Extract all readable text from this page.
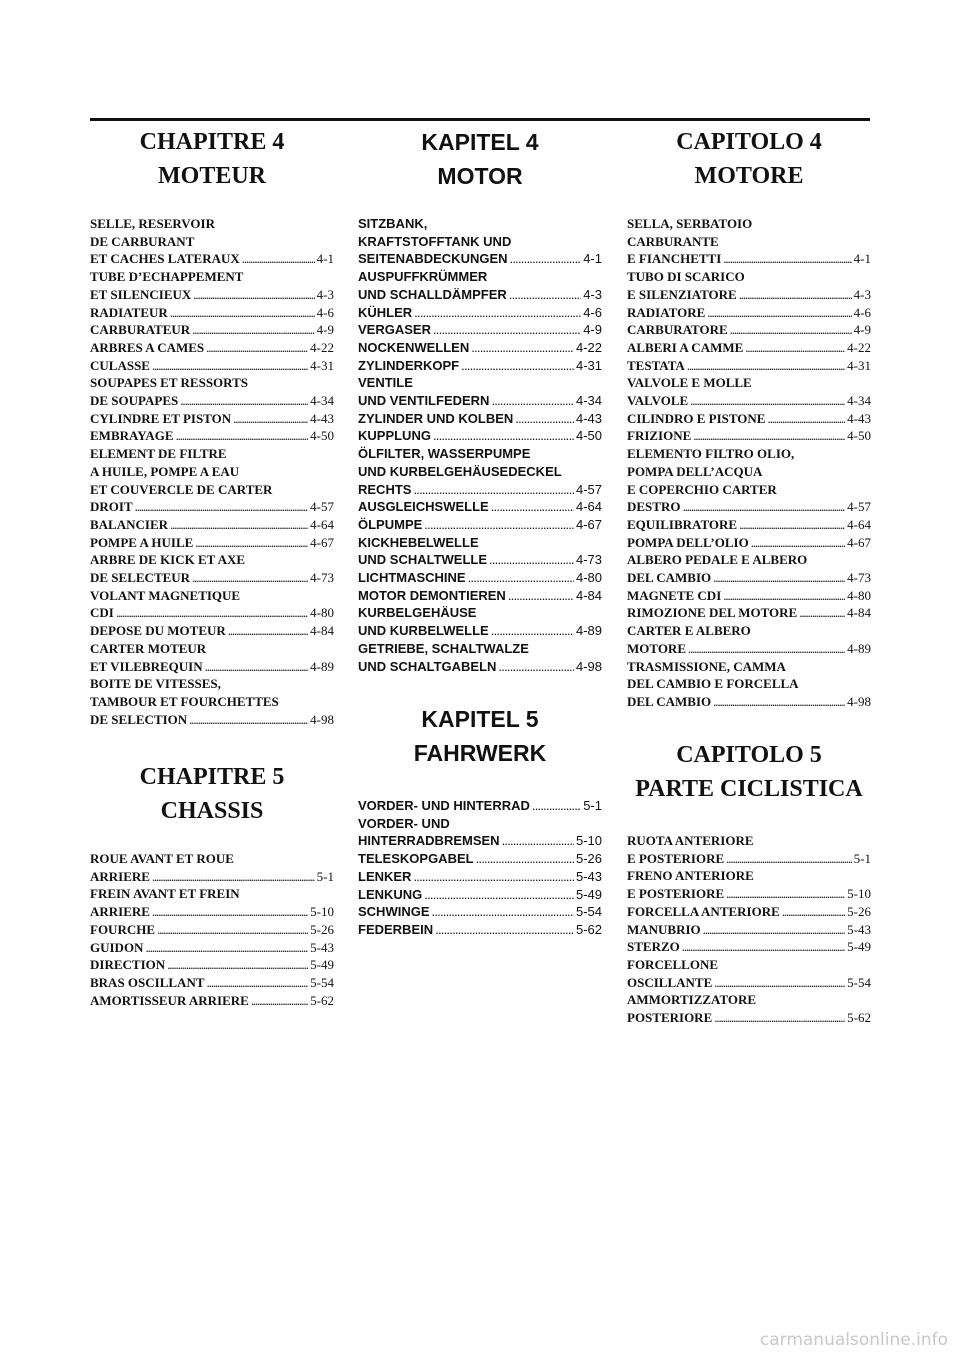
CHAPITRE 4
MOTEUR
SELLE, RESERVOIR
DE CARBURANT
ET CACHES LATERAUX . . .	4-1
TUBE D’ECHAPPEMENT
ET SILENCIEUX . . .	4-3
RADIATEUR . . .	4-6
CARBURATEUR . . .	4-9
ARBRES A CAMES . . .	4-22
CULASSE . . .	4-31
SOUPAPES ET RESSORTS
DE SOUPAPES . . .	4-34
CYLINDRE ET PISTON . . .	4-43
EMBRAYAGE . . .	4-50
ELEMENT DE FILTRE
A HUILE, POMPE A EAU
ET COUVERCLE DE CARTER
DROIT . . .	4-57
BALANCIER . . .	4-64
POMPE A HUILE . . .	4-67
ARBRE DE KICK ET AXE
DE SELECTEUR . . .	4-73
VOLANT MAGNETIQUE
CDI . . .	4-80
DEPOSE DU MOTEUR . . .	4-84
CARTER MOTEUR
ET VILEBREQUIN . . .	4-89
BOITE DE VITESSES,
TAMBOUR ET FOURCHETTES
DE SELECTION . . .	4-98
CHAPITRE 5
CHASSIS
ROUE AVANT ET ROUE
ARRIERE . . .	5-1
FREIN AVANT ET FREIN
ARRIERE . . .	5-10
FOURCHE . . .	5-26
GUIDON . . .	5-43
DIRECTION . . .	5-49
BRAS OSCILLANT . . .	5-54
AMORTISSEUR ARRIERE . . .	5-62
KAPITEL 4
MOTOR
SITZBANK,
KRAFTSTOFFTANK UND
SEITENABDECKUNGEN . . .	4-1
AUSPUFFKRÜMMER
UND SCHALLDÄMPFER . . .	4-3
KÜHLER . . .	4-6
VERGASER . . .	4-9
NOCKENWELLEN . . .	4-22
ZYLINDERKOPF . . .	4-31
VENTILE
UND VENTILFEDERN . . .	4-34
ZYLINDER UND KOLBEN . . .	4-43
KUPPLUNG . . .	4-50
ÖLFILTER, WASSERPUMPE
UND KURBELGEHÄUSEDECKEL
RECHTS . . .	4-57
AUSGLEICHSWELLE . . .	4-64
ÖLPUMPE . . .	4-67
KICKHEBELWELLE
UND SCHALTWELLE . . .	4-73
LICHTMASCHINE . . .	4-80
MOTOR DEMONTIEREN . . .	4-84
KURBELGEHÄUSE
UND KURBELWELLE . . .	4-89
GETRIEBE, SCHALTWALZE
UND SCHALTGABELN . . .	4-98
KAPITEL 5
FAHRWERK
VORDER- UND HINTERRAD . . .	5-1
VORDER- UND
HINTERRADBREMSEN . . .	5-10
TELESKOPGABEL . . .	5-26
LENKER . . .	5-43
LENKUNG . . .	5-49
SCHWINGE . . .	5-54
FEDERBEIN . . .	5-62
CAPITOLO 4
MOTORE
SELLA, SERBATOIO
CARBURANTE
E FIANCHETTI . . .	4-1
TUBO DI SCARICO
E SILENZIATORE . . .	4-3
RADIATORE . . .	4-6
CARBURATORE . . .	4-9
ALBERI A CAMME . . .	4-22
TESTATA . . .	4-31
VALVOLE E MOLLE
VALVOLE . . .	4-34
CILINDRO E PISTONE . . .	4-43
FRIZIONE . . .	4-50
ELEMENTO FILTRO OLIO,
POMPA DELL’ACQUA
E COPERCHIO CARTER
DESTRO . . .	4-57
EQUILIBRATORE . . .	4-64
POMPA DELL’OLIO . . .	4-67
ALBERO PEDALE E ALBERO
DEL CAMBIO . . .	4-73
MAGNETE CDI . . .	4-80
RIMOZIONE DEL MOTORE . . .	4-84
CARTER E ALBERO
MOTORE . . .	4-89
TRASMISSIONE, CAMMA
DEL CAMBIO E FORCELLA
DEL CAMBIO . . .	4-98
CAPITOLO 5
PARTE CICLISTICA
RUOTA ANTERIORE
E POSTERIORE . . .	5-1
FRENO ANTERIORE
E POSTERIORE . . .	5-10
FORCELLA ANTERIORE . . .	5-26
MANUBRIO . . .	5-43
STERZO . . .	5-49
FORCELLONE
OSCILLANTE . . .	5-54
AMMORTIZZATORE
POSTERIORE . . .	5-62
carmanualsonline.info
